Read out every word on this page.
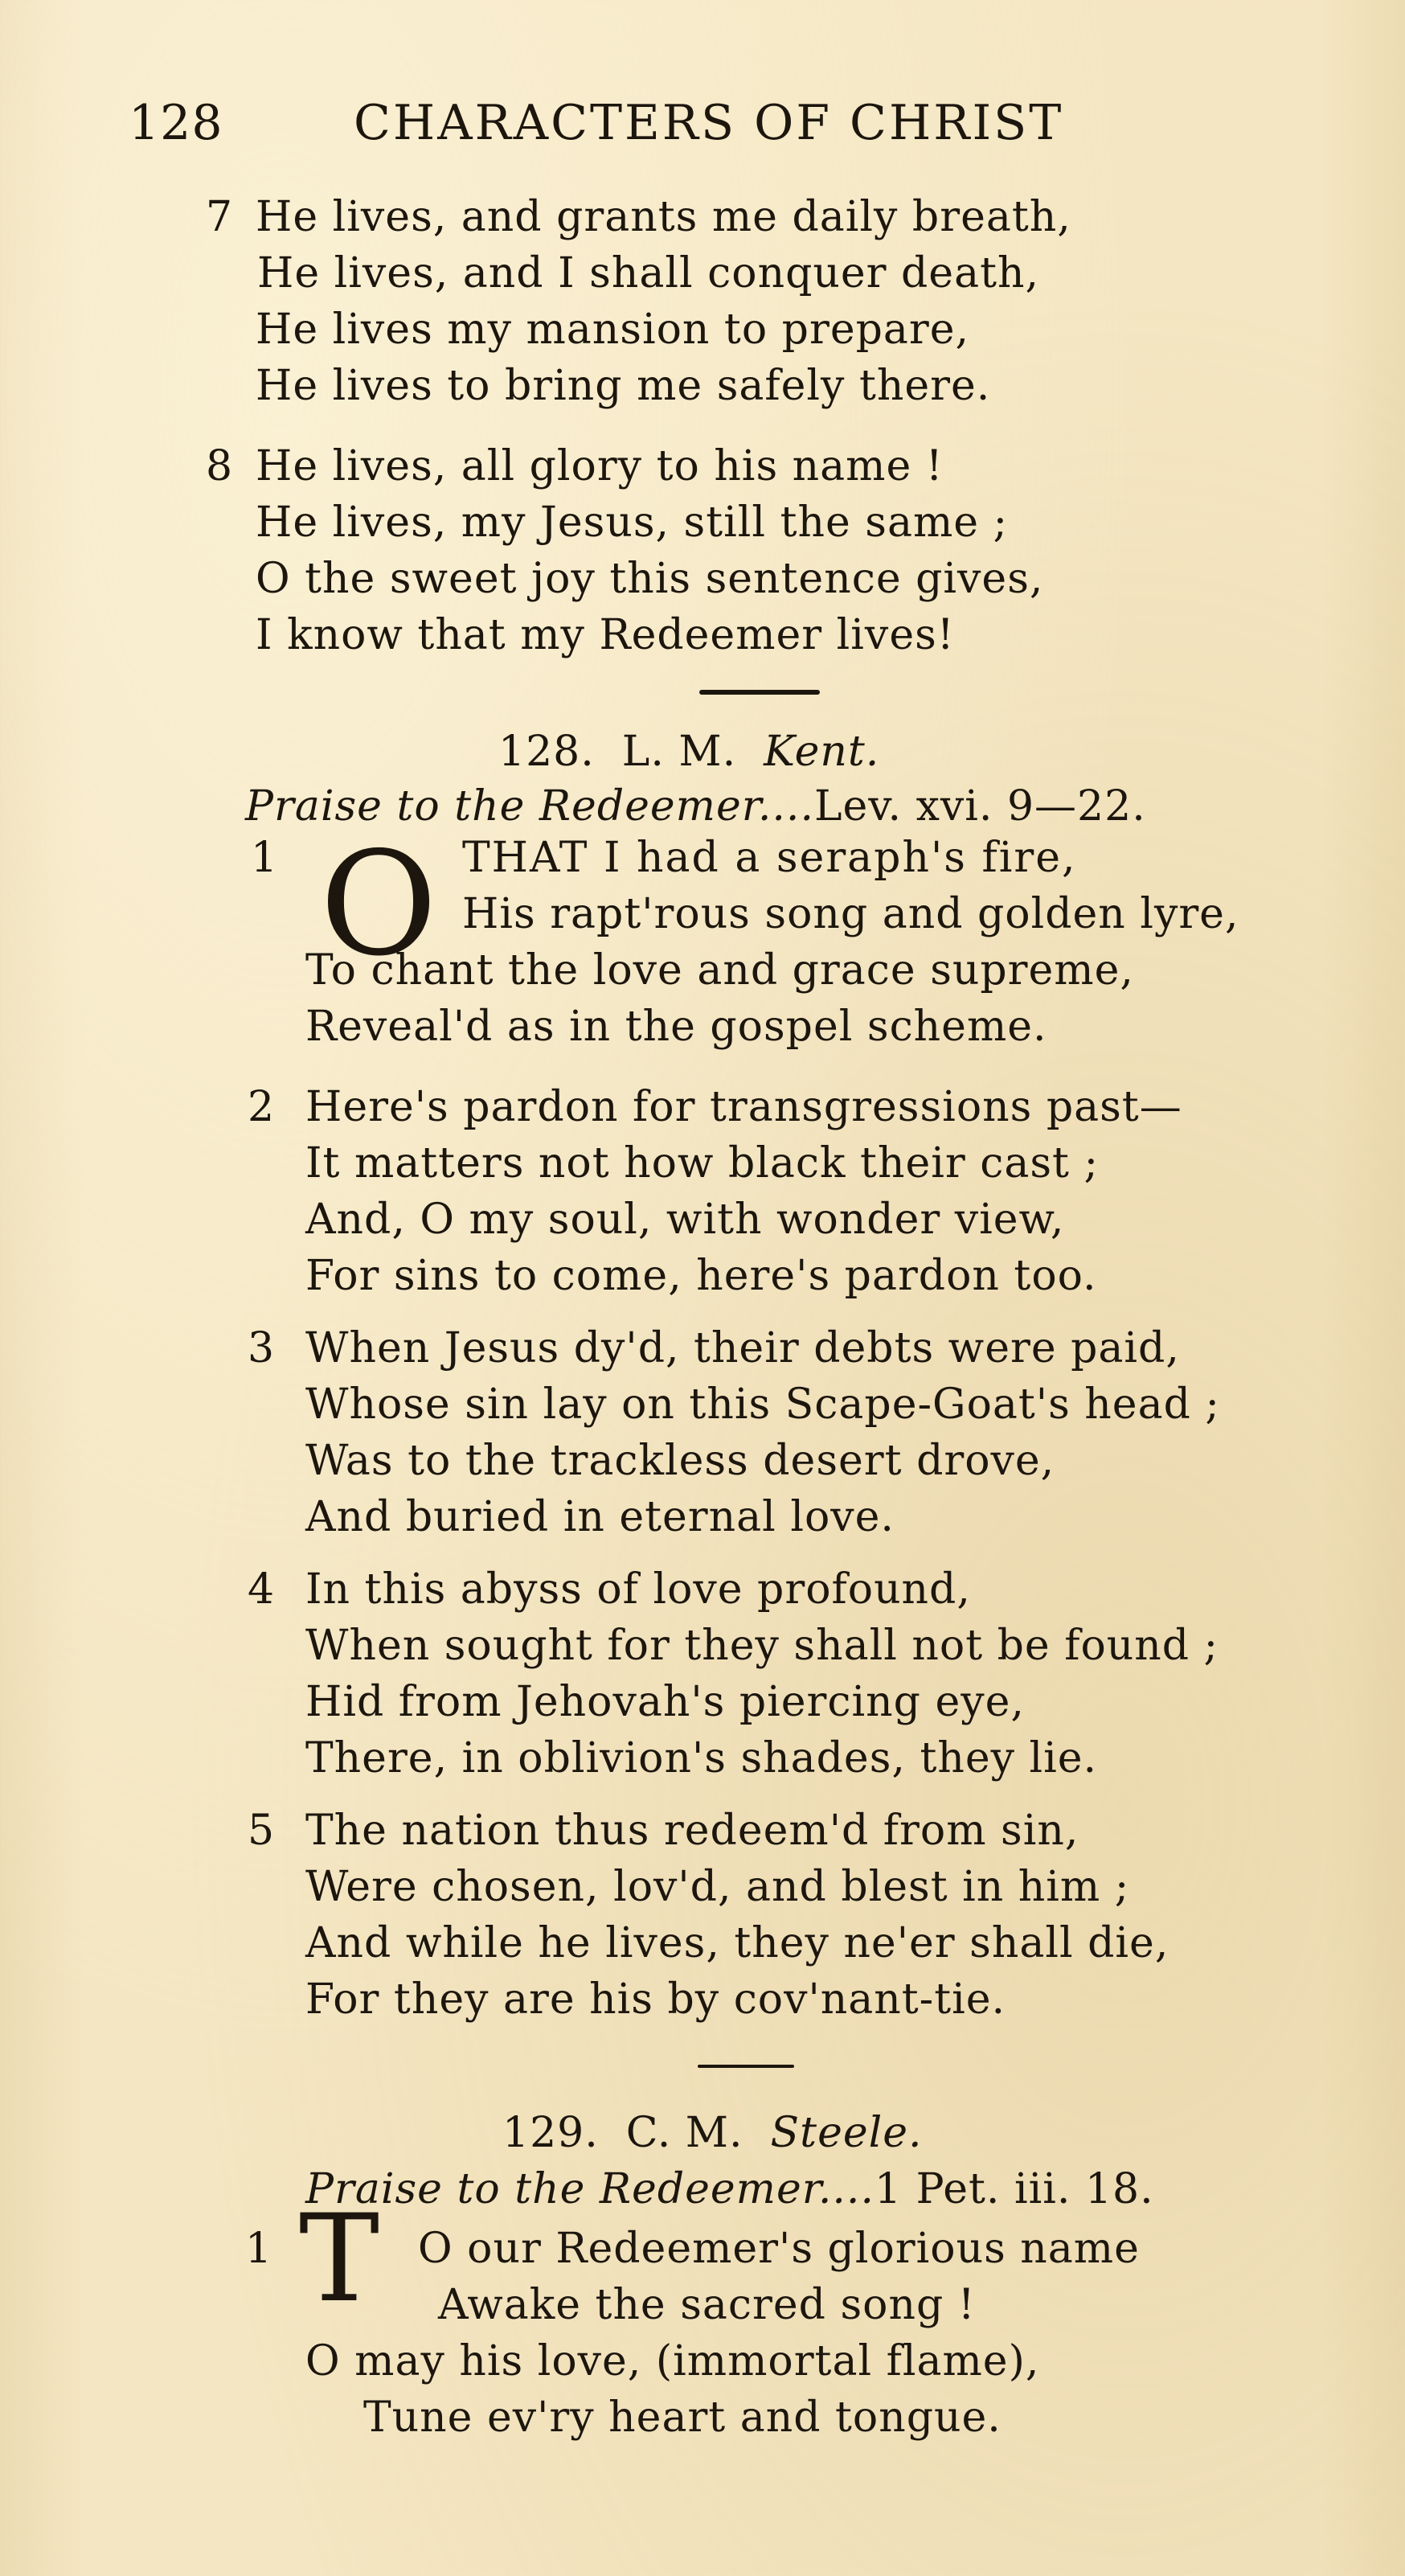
128	CHARACTERS OF CHRIST
7 He lives, and grants me daily breath,
He lives, and I shall conquer death,
He lives my mansion to prepare,
He lives to bring me safely there.
8 He lives, all glory to his name !
He lives, my Jesus, still the same ;
O the sweet joy this sentence gives,
I know that my Redeemer lives!
128. L. M. Kent.
Praise to the Redeemer....Lev. xvi. 9—22.
1 O THAT I had a seraph's fire,
His rapt'rous song and golden lyre,
To chant the love and grace supreme,
Reveal'd as in the gospel scheme.
2 Here's pardon for transgressions past—
It matters not how black their cast ;
And, O my soul, with wonder view,
For sins to come, here's pardon too.
3 When Jesus dy'd, their debts were paid,
Whose sin lay on this Scape-Goat's head ;
Was to the trackless desert drove,
And buried in eternal love.
4 In this abyss of love profound,
When sought for they shall not be found ;
Hid from Jehovah's piercing eye,
There, in oblivion's shades, they lie.
5 The nation thus redeem'd from sin,
Were chosen, lov'd, and blest in him ;
And while he lives, they ne'er shall die,
For they are his by cov'nant-tie.
129. C. M. Steele.
Praise to the Redeemer....1 Pet. iii. 18.
1 T O our Redeemer's glorious name
Awake the sacred song !
O may his love, (immortal flame),
Tune ev'ry heart and tongue.
